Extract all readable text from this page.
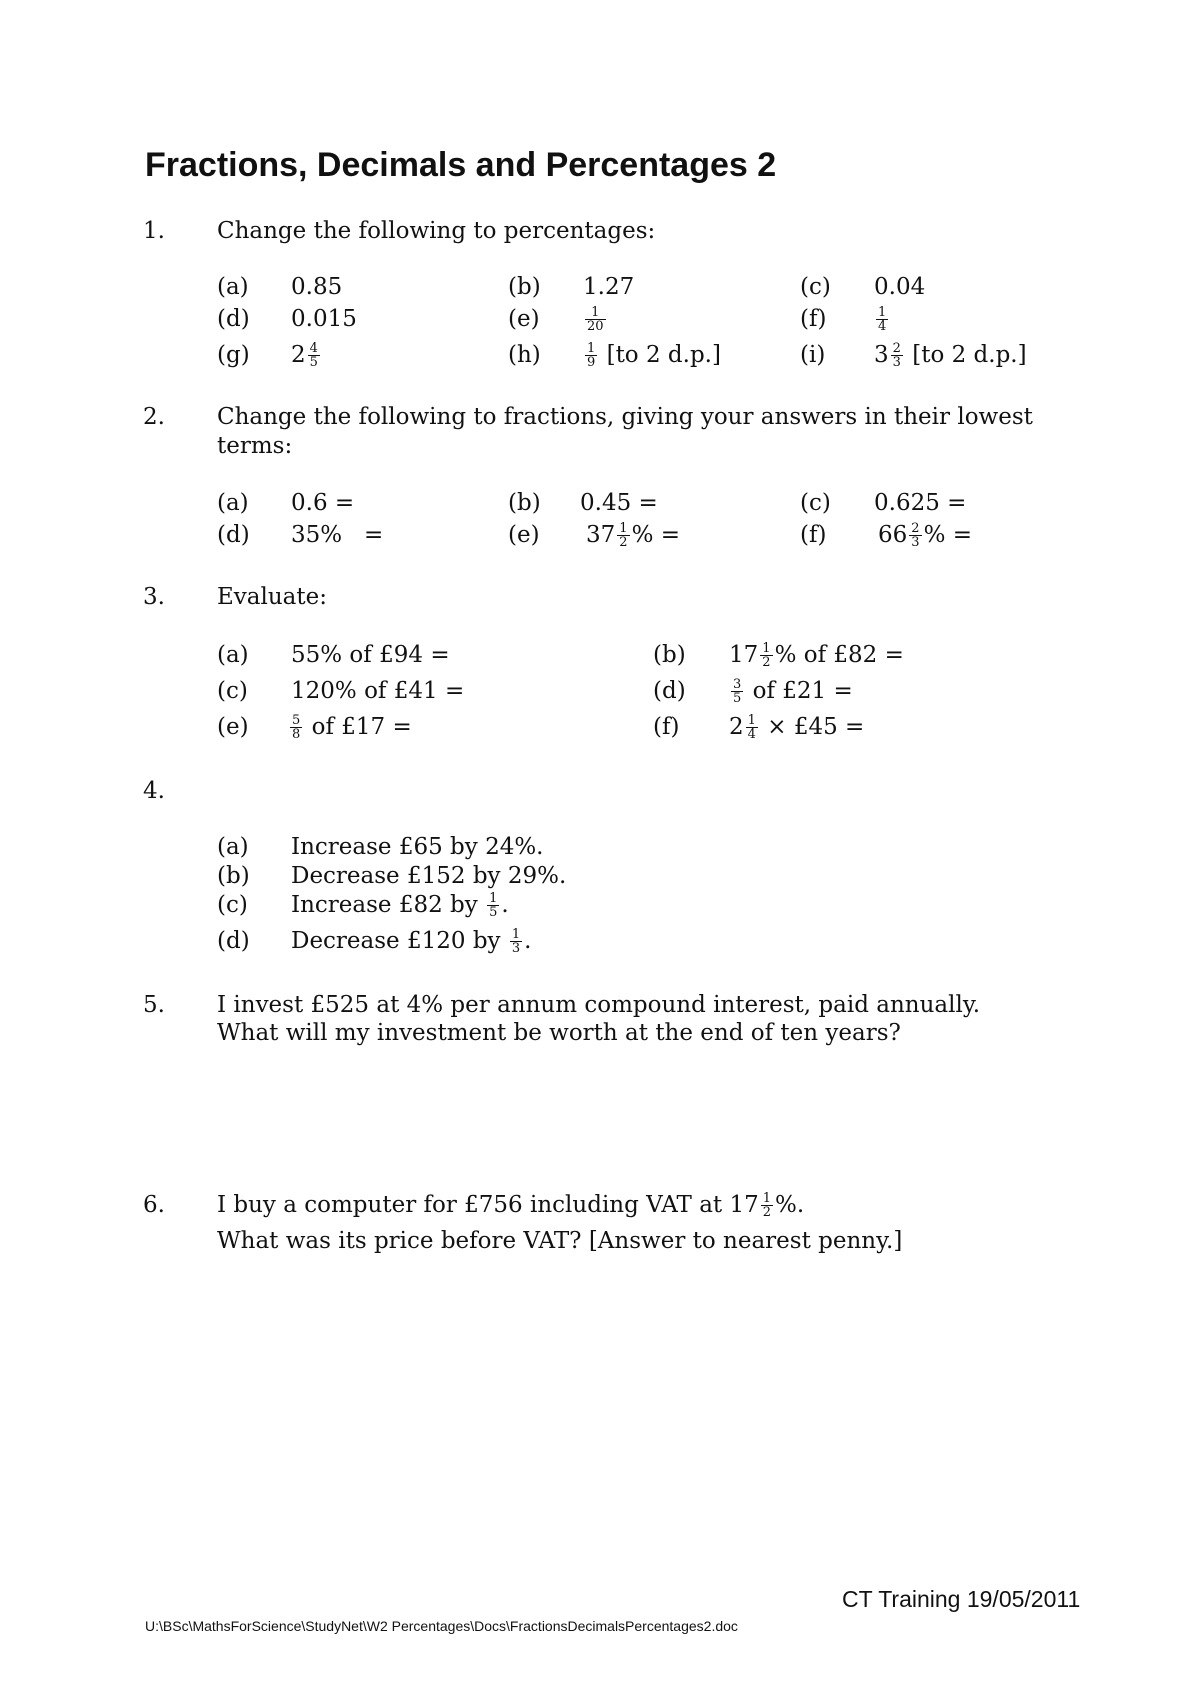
Fractions, Decimals and Percentages 2
1. Change the following to percentages:
(a) 0.85	(b) 1.27	(c) 0.04
(d) 0.015	(e)	$\frac{1}{20}$	(f)	$\frac{1}{4}$
(g) $2 \frac{4}{5}$	(h)	$\frac{1}{9} [to$ 2 d.p.]	(i) $3 \frac{2}{3} [to$ 2 d.p.]
2. Change the following to fractions, giving your answers in their lowest
terms:
(a) 0.6 =	(b) 0.45 =	(c) 0.625 =
(d) 35%   =	(e) $37 \frac{1}{2}$ % =	(f) $66 \frac{2}{3}$ % =
3. Evaluate:
(a) 55% of £94 =	(b) $17 \frac{1}{2}$ % of £82 =
(c) 120% of £41 =	(d)	$\frac{3}{5}$ of £21 =
(e)	$\frac{5}{8}$ of £17 =	(f) $2 \frac{1}{4}$ × £45 =
4.
(a) Increase £65 by 24%.
(b) Decrease £152 by 29%.
(c) Increase £82 by $\frac{1}{5}$ .
(d) Decrease £120 by $\frac{1}{3}$ .
5. I invest £525 at 4% per annum compound interest, paid annually.
What will my investment be worth at the end of ten years?
6. I buy a computer for £756 including VAT at $17 \frac{1}{2}$ %.
What was its price before VAT? [Answer to nearest penny.]
CT Training 19/05/2011
U:\BSc\MathsForScience\StudyNet\W2 Percentages\Docs\FractionsDecimalsPercentages2.doc
